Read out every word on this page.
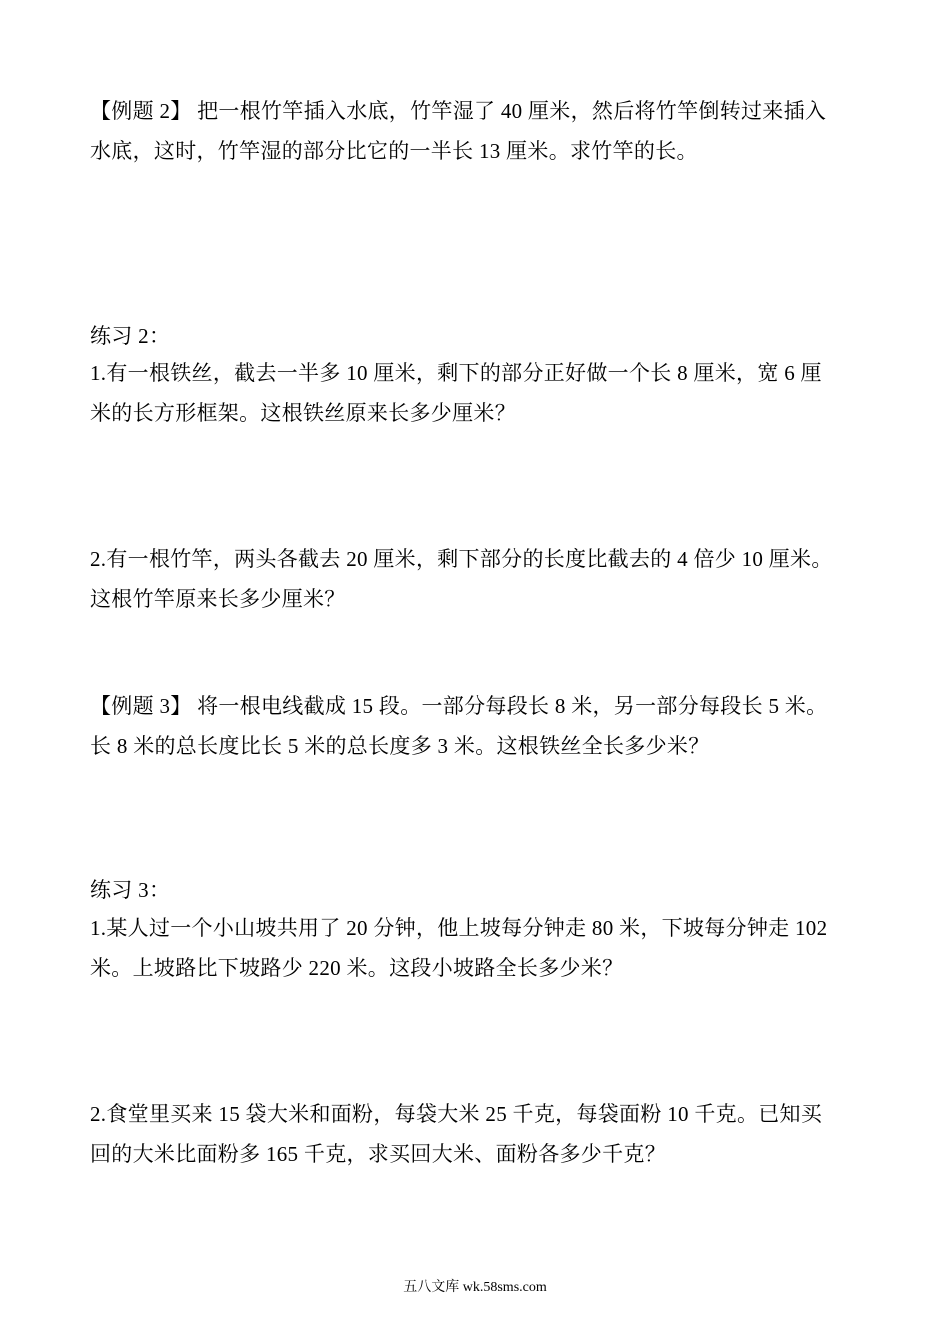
【例题 2】 把一根竹竿插入水底，竹竿湿了 40 厘米，然后将竹竿倒转过来插入
水底，这时，竹竿湿的部分比它的一半长 13 厘米。求竹竿的长。
练习 2：
1.有一根铁丝，截去一半多 10 厘米，剩下的部分正好做一个长 8 厘米，宽 6 厘
米的长方形框架。这根铁丝原来长多少厘米？
2.有一根竹竿，两头各截去 20 厘米，剩下部分的长度比截去的 4 倍少 10 厘米。
这根竹竿原来长多少厘米？
【例题 3】 将一根电线截成 15 段。一部分每段长 8 米，另一部分每段长 5 米。
长 8 米的总长度比长 5 米的总长度多 3 米。这根铁丝全长多少米？
练习 3：
1.某人过一个小山坡共用了 20 分钟，他上坡每分钟走 80 米，下坡每分钟走 102
米。上坡路比下坡路少 220 米。这段小坡路全长多少米？
2.食堂里买来 15 袋大米和面粉，每袋大米 25 千克，每袋面粉 10 千克。已知买
回的大米比面粉多 165 千克，求买回大米、面粉各多少千克？
五八文库 wk.58sms.com
